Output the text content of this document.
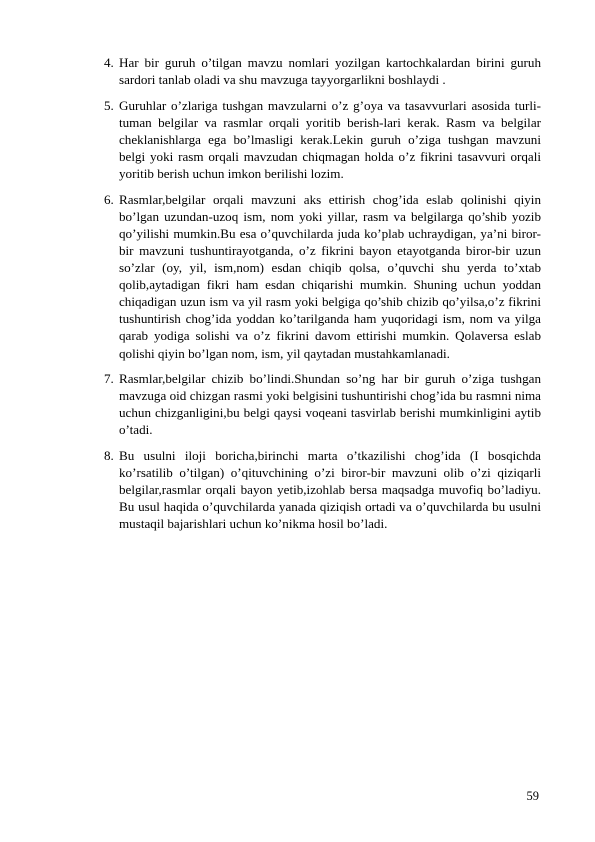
4. Har bir guruh o’tilgan mavzu nomlari yozilgan kartochkalardan birini guruh sardori tanlab oladi va shu mavzuga tayyorgarlikni boshlaydi .
5. Guruhlar o’zlariga tushgan mavzularni o’z g’oya va tasavvurlari asosida turli-tuman belgilar va rasmlar orqali yoritib berish-lari kerak. Rasm va belgilar cheklanishlarga ega bo’lmasligi kerak.Lekin guruh o’ziga tushgan mavzuni belgi yoki rasm orqali mavzudan chiqmagan holda o’z fikrini tasavvuri orqali yoritib berish uchun imkon berilishi lozim.
6. Rasmlar,belgilar orqali mavzuni aks ettirish chog’ida eslab qolinishi qiyin bo’lgan uzundan-uzoq ism, nom yoki yillar, rasm va belgilarga qo’shib yozib qo’yilishi mumkin.Bu esa o’quvchilarda juda ko’plab uchraydigan, ya’ni biror-bir mavzuni tushuntirayotganda, o’z fikrini bayon etayotganda biror-bir uzun so’zlar (oy, yil, ism,nom) esdan chiqib qolsa, o’quvchi shu yerda to’xtab qolib,aytadigan fikri ham esdan chiqarishi mumkin. Shuning uchun yoddan chiqadigan uzun ism va yil rasm yoki belgiga qo’shib chizib qo’yilsa,o’z fikrini tushuntirish chog’ida yoddan ko’tarilganda ham yuqoridagi ism, nom va yilga qarab yodiga solishi va o’z fikrini davom ettirishi mumkin. Qolaversa eslab qolishi qiyin bo’lgan nom, ism, yil qaytadan mustahkamlanadi.
7. Rasmlar,belgilar chizib bo’lindi.Shundan so’ng har bir guruh o’ziga tushgan mavzuga oid chizgan rasmi yoki belgisini tushuntirishi chog’ida bu rasmni nima uchun chizganligini,bu belgi qaysi voqeani tasvirlab berishi mumkinligini aytib o’tadi.
8. Bu usulni iloji boricha,birinchi marta o’tkazilishi chog’ida (I bosqichda ko’rsatilib o’tilgan) o’qituvchining o’zi biror-bir mavzuni olib o’zi qiziqarli belgilar,rasmlar orqali bayon yetib,izohlab bersa maqsadga muvofiq bo’ladiyu. Bu usul haqida o’quvchilarda yanada qiziqish ortadi va o’quvchilarda bu usulni mustaqil bajarishlari uchun ko’nikma hosil bo’ladi.
59
